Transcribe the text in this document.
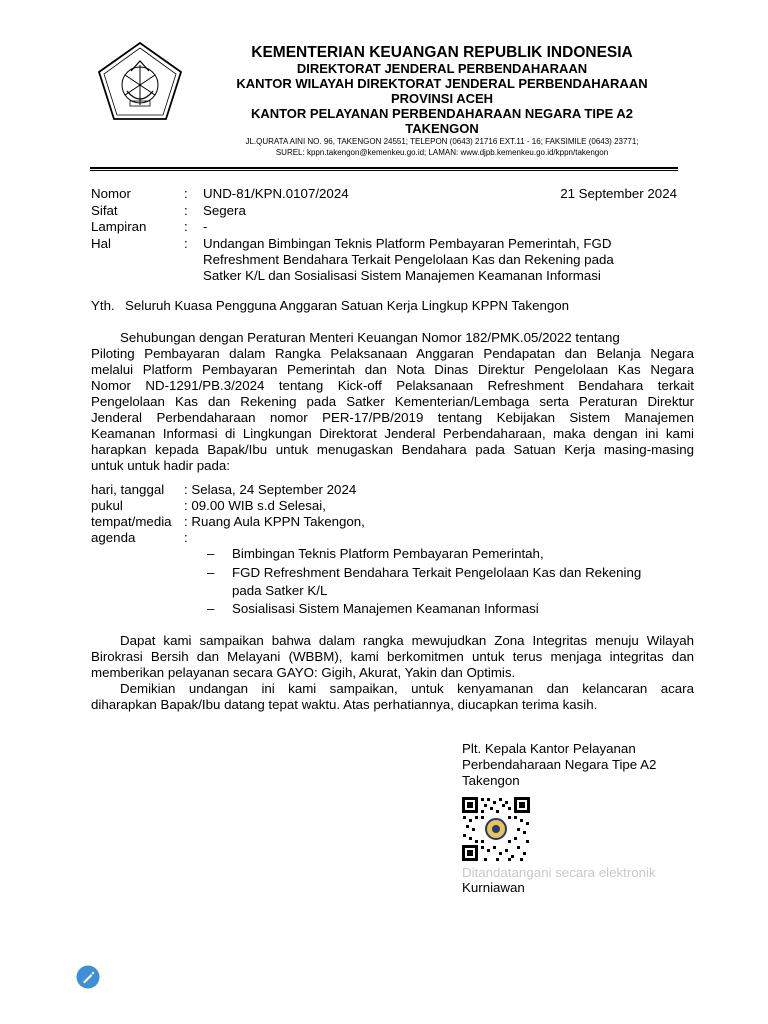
KEMENTERIAN KEUANGAN REPUBLIK INDONESIA
DIREKTORAT JENDERAL PERBENDAHARAAN
KANTOR WILAYAH DIREKTORAT JENDERAL PERBENDAHARAAN
PROVINSI ACEH
KANTOR PELAYANAN PERBENDAHARAAN NEGARA TIPE A2
TAKENGON
JL.QURATA AINI NO. 96, TAKENGON 24551; TELEPON (0643) 21716 EXT.11 - 16; FAKSIMILE (0643) 23771;
SUREL: kppn.takengon@kemenkeu.go.id; LAMAN: www.djpb.kemenkeu.go.id/kppn/takengon
Nomor	: UND-81/KPN.0107/2024	21 September 2024
Sifat	: Segera
Lampiran	: -
Hal	: Undangan Bimbingan Teknis Platform Pembayaran Pemerintah, FGD
Refreshment Bendahara Terkait Pengelolaan Kas dan Rekening pada
Satker K/L dan Sosialisasi Sistem Manajemen Keamanan Informasi
Yth. Seluruh Kuasa Pengguna Anggaran Satuan Kerja Lingkup KPPN Takengon
Sehubungan dengan Peraturan Menteri Keuangan Nomor 182/PMK.05/2022 tentang
Piloting Pembayaran dalam Rangka Pelaksanaan Anggaran Pendapatan dan Belanja Negara
melalui Platform Pembayaran Pemerintah dan Nota Dinas Direktur Pengelolaan Kas Negara
Nomor ND-1291/PB.3/2024 tentang Kick-off Pelaksanaan Refreshment Bendahara terkait
Pengelolaan Kas dan Rekening pada Satker Kementerian/Lembaga serta Peraturan Direktur
Jenderal Perbendaharaan nomor PER-17/PB/2019 tentang Kebijakan Sistem Manajemen
Keamanan Informasi di Lingkungan Direktorat Jenderal Perbendaharaan, maka dengan ini kami
harapkan kepada Bapak/Ibu untuk menugaskan Bendahara pada Satuan Kerja masing-masing
untuk untuk hadir pada:
hari, tanggal : Selasa, 24 September 2024
pukul	: 09.00 WIB s.d Selesai,
tempat/media : Ruang Aula KPPN Takengon,
agenda	:
– Bimbingan Teknis Platform Pembayaran Pemerintah,
– FGD Refreshment Bendahara Terkait Pengelolaan Kas dan Rekening
pada Satker K/L
– Sosialisasi Sistem Manajemen Keamanan Informasi
Dapat kami sampaikan bahwa dalam rangka mewujudkan Zona Integritas menuju Wilayah
Birokrasi Bersih dan Melayani (WBBM), kami berkomitmen untuk terus menjaga integritas dan
memberikan pelayanan secara GAYO: Gigih, Akurat, Yakin dan Optimis.
Demikian undangan ini kami sampaikan, untuk kenyamanan dan kelancaran acara
diharapkan Bapak/Ibu datang tepat waktu. Atas perhatiannya, diucapkan terima kasih.
Plt. Kepala Kantor Pelayanan
Perbendaharaan Negara Tipe A2
Takengon
Ditandatangani secara elektronik
Kurniawan
